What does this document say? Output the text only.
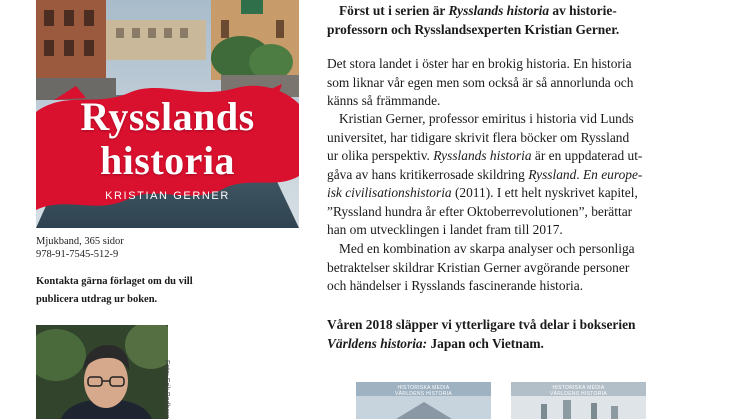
Rysslands
historia
KRISTIAN GERNER
Mjukband, 365 sidor
978-91-7545-512-9
Kontakta gärna förlaget om du vill
publicera utdrag ur boken.
Foto: Erik Bedberg
Först ut i serien är Rysslands historia av historie-
professorn och Rysslandsexperten Kristian Gerner.
Det stora landet i öster har en brokig historia. En historia
som liknar vår egen men som också är så annorlunda och
känns så främmande.
Kristian Gerner, professor emiritus i historia vid Lunds
universitet, har tidigare skrivit flera böcker om Ryssland
ur olika perspektiv. Rysslands historia är en uppdaterad ut-
gåva av hans kritikerrosade skildring Ryssland. En europe-
isk civilisationshistoria (2011). I ett helt nyskrivet kapitel,
”Ryssland hundra år efter Oktoberrevolutionen”, berättar
han om utvecklingen i landet fram till 2017.
Med en kombination av skarpa analyser och personliga
betraktelser skildrar Kristian Gerner avgörande personer
och händelser i Rysslands fascinerande historia.
Våren 2018 släpper vi ytterligare två delar i bokserien
Världens historia: Japan och Vietnam.
HISTORISKA MEDIA
VÄRLDENS HISTORIA
HISTORISKA MEDIA
VÄRLDENS HISTORIA
